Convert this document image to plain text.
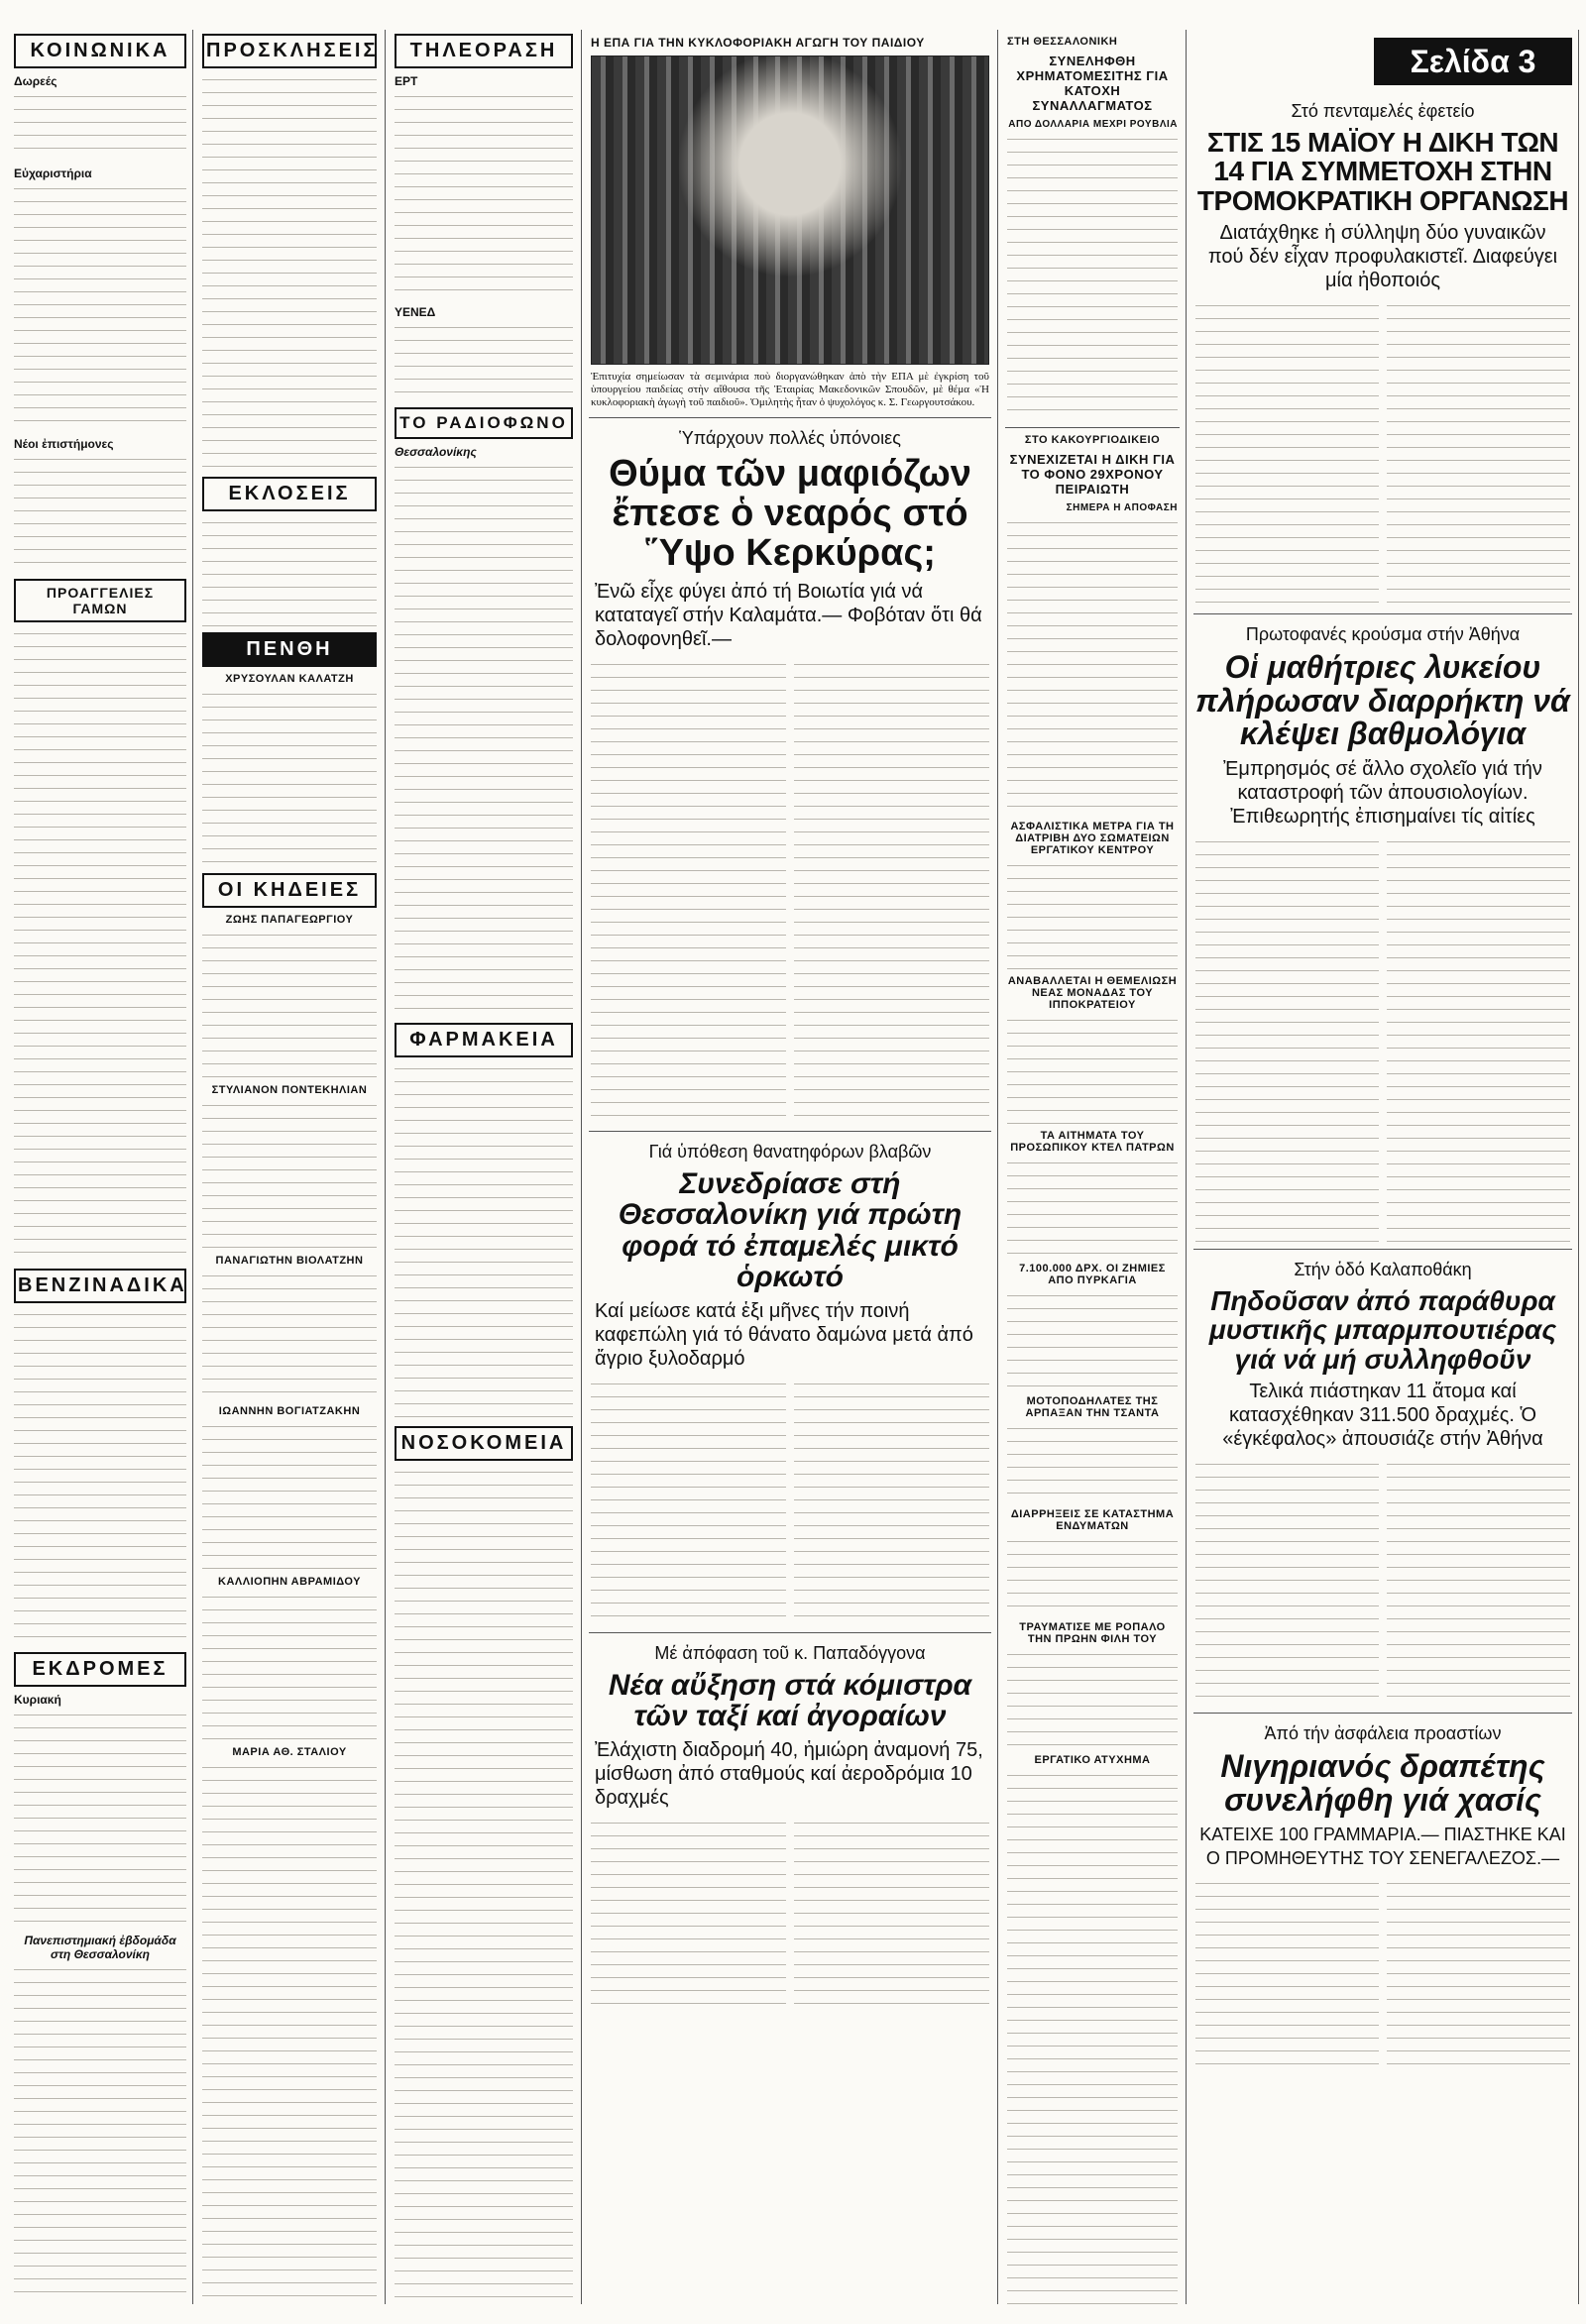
Σελίδα 3
ΚΟΙΝΩΝΙΚΑ
Δωρεές
Εὐχαριστήρια
Νέοι ἐπιστήμονες
ΠΡΟΑΓΓΕΛΙΕΣ ΓΑΜΩΝ
ΒΕΝΖΙΝΑΔΙΚΑ
ΕΚΔΡΟΜΕΣ
Κυριακή
Πανεπιστημιακή ἐβδομάδα στη Θεσσαλονίκη
ΠΡΟΣΚΛΗΣΕΙΣ
ΕΚΛΟΣΕΙΣ
ΠΕΝΘΗ
ΧΡΥΣΟΥΛΑΝ ΚΑΛΑΤΖΗ
ΟΙ ΚΗΔΕΙΕΣ
ΖΩΗΣ ΠΑΠΑΓΕΩΡΓΙΟΥ
ΣΤΥΛΙΑΝΟΝ ΠΟΝΤΕΚΗΛΙΑΝ
ΠΑΝΑΓΙΩΤΗΝ ΒΙΟΛΑΤΖΗΝ
ΙΩΑΝΝΗΝ ΒΟΓΙΑΤΖΑΚΗΝ
ΚΑΛΛΙΟΠΗΝ ΑΒΡΑΜΙΔΟΥ
ΜΑΡΙΑ ΑΘ. ΣΤΑΛΙΟΥ
ΤΗΛΕΟΡΑΣΗ
ΕΡΤ
ΥΕΝΕΔ
ΤΟ ΡΑΔΙΟΦΩΝΟ
Θεσσαλονίκης
ΦΑΡΜΑΚΕΙΑ
ΝΟΣΟΚΟΜΕΙΑ
Η ΕΠΑ ΓΙΑ ΤΗΝ ΚΥΚΛΟΦΟΡΙΑΚΗ ΑΓΩΓΗ ΤΟΥ ΠΑΙΔΙΟΥ
Ἐπιτυχία σημείωσαν τὰ σεμινάρια ποὺ διοργανώθηκαν ἀπὸ τὴν ΕΠΑ μὲ ἐγκρίση τοῦ ὑπουργείου παιδείας στὴν αἴθουσα τῆς Ἑταιρίας Μακεδονικῶν Σπουδῶν, μὲ θέμα «Ἡ κυκλοφοριακὴ ἀγωγὴ τοῦ παιδιοῦ». Ὁμιλητὴς ἦταν ὁ ψυχολόγος κ. Σ. Γεωργουτσάκου.
Ὑπάρχουν πολλές ὑπόνοιες
Θύμα τῶν μαφιόζων ἔπεσε ὁ νεαρός στό Ὕψο Κερκύρας;
Ἐνῶ εἶχε φύγει ἀπό τή Βοιωτία γιά νά καταταγεῖ στήν Καλαμάτα.— Φοβόταν ὅτι θά δολοφονηθεῖ.—
Γιά ὑπόθεση θανατηφόρων βλαβῶν
Συνεδρίασε στή Θεσσαλονίκη γιά πρώτη φορά τό ἐπαμελές μικτό ὁρκωτό
Καί μείωσε κατά ἑξι μῆνες τήν ποινή καφεπώλη γιά τό θάνατο δαμώνα μετά ἀπό ἄγριο ξυλοδαρμό
Μέ ἀπόφαση τοῦ κ. Παπαδόγγονα
Νέα αὔξηση στά κόμιστρα τῶν ταξί καί ἀγοραίων
Ἐλάχιστη διαδρομή 40, ἡμιώρη ἀναμονή 75, μίσθωση ἀπό σταθμούς καί ἀεροδρόμια 10 δραχμές
ΣΤΗ ΘΕΣΣΑΛΟΝΙΚΗ
ΣΥΝΕΛΗΦΘΗ ΧΡΗΜΑΤΟΜΕΣΙΤΗΣ ΓΙΑ ΚΑΤΟΧΗ ΣΥΝΑΛΛΑΓΜΑΤΟΣ
ΑΠΟ ΔΟΛΛΑΡΙΑ ΜΕΧΡΙ ΡΟΥΒΛΙΑ
ΣΤΟ ΚΑΚΟΥΡΓΙΟΔΙΚΕΙΟ
ΣΥΝΕΧΙΖΕΤΑΙ Η ΔΙΚΗ ΓΙΑ ΤΟ ΦΟΝΟ 29ΧΡΟΝΟΥ ΠΕΙΡΑΙΩΤΗ
ΣΗΜΕΡΑ Η ΑΠΟΦΑΣΗ
ΑΣΦΑΛΙΣΤΙΚΑ ΜΕΤΡΑ ΓΙΑ ΤΗ ΔΙΑΤΡΙΒΗ ΔΥΟ ΣΩΜΑΤΕΙΩΝ ΕΡΓΑΤΙΚΟΥ ΚΕΝΤΡΟΥ
ΑΝΑΒΑΛΛΕΤΑΙ Η ΘΕΜΕΛΙΩΣΗ ΝΕΑΣ ΜΟΝΑΔΑΣ ΤΟΥ ΙΠΠΟΚΡΑΤΕΙΟΥ
ΤΑ ΑΙΤΗΜΑΤΑ ΤΟΥ ΠΡΟΣΩΠΙΚΟΥ ΚΤΕΛ ΠΑΤΡΩΝ
7.100.000 ΔΡΧ. ΟΙ ΖΗΜΙΕΣ ΑΠΟ ΠΥΡΚΑΓΙΑ
ΜΟΤΟΠΟΔΗΛΑΤΕΣ ΤΗΣ ΑΡΠΑΞΑΝ ΤΗΝ ΤΣΑΝΤΑ
ΔΙΑΡΡΗΞΕΙΣ ΣΕ ΚΑΤΑΣΤΗΜΑ ΕΝΔΥΜΑΤΩΝ
ΤΡΑΥΜΑΤΙΣΕ ΜΕ ΡΟΠΑΛΟ ΤΗΝ ΠΡΩΗΝ ΦΙΛΗ ΤΟΥ
ΕΡΓΑΤΙΚΟ ΑΤΥΧΗΜΑ
Στό πενταμελές ἐφετείο
ΣΤΙΣ 15 ΜΑΪΟΥ Η ΔΙΚΗ ΤΩΝ 14 ΓΙΑ ΣΥΜΜΕΤΟΧΗ ΣΤΗΝ ΤΡΟΜΟΚΡΑΤΙΚΗ ΟΡΓΑΝΩΣΗ
Διατάχθηκε ἡ σύλληψη δύο γυναικῶν πού δέν εἶχαν προφυλακιστεῖ. Διαφεύγει μία ἠθοποιός
Πρωτοφανές κρούσμα στήν Ἀθήνα
Οἱ μαθήτριες λυκείου πλήρωσαν διαρρήκτη νά κλέψει βαθμολόγια
Ἐμπρησμός σέ ἄλλο σχολεῖο γιά τήν καταστροφή τῶν ἀπουσιολογίων. Ἐπιθεωρητής ἐπισημαίνει τίς αἰτίες
Στήν ὁδό Καλαποθάκη
Πηδοῦσαν ἀπό παράθυρα μυστικῆς μπαρμπουτιέρας γιά νά μή συλληφθοῦν
Τελικά πιάστηκαν 11 ἄτομα καί κατασχέθηκαν 311.500 δραχμές. Ὁ «έγκέφαλος» ἀπουσιάζε στήν Ἀθήνα
Ἀπό τήν ἀσφάλεια προαστίων
Νιγηριανός δραπέτης συνελήφθη γιά χασίς
ΚΑΤΕΙΧΕ 100 ΓΡΑΜΜΑΡΙΑ.— ΠΙΑΣΤΗΚΕ ΚΑΙ Ο ΠΡΟΜΗΘΕΥΤΗΣ ΤΟΥ ΣΕΝΕΓΑΛΕΖΟΣ.—
